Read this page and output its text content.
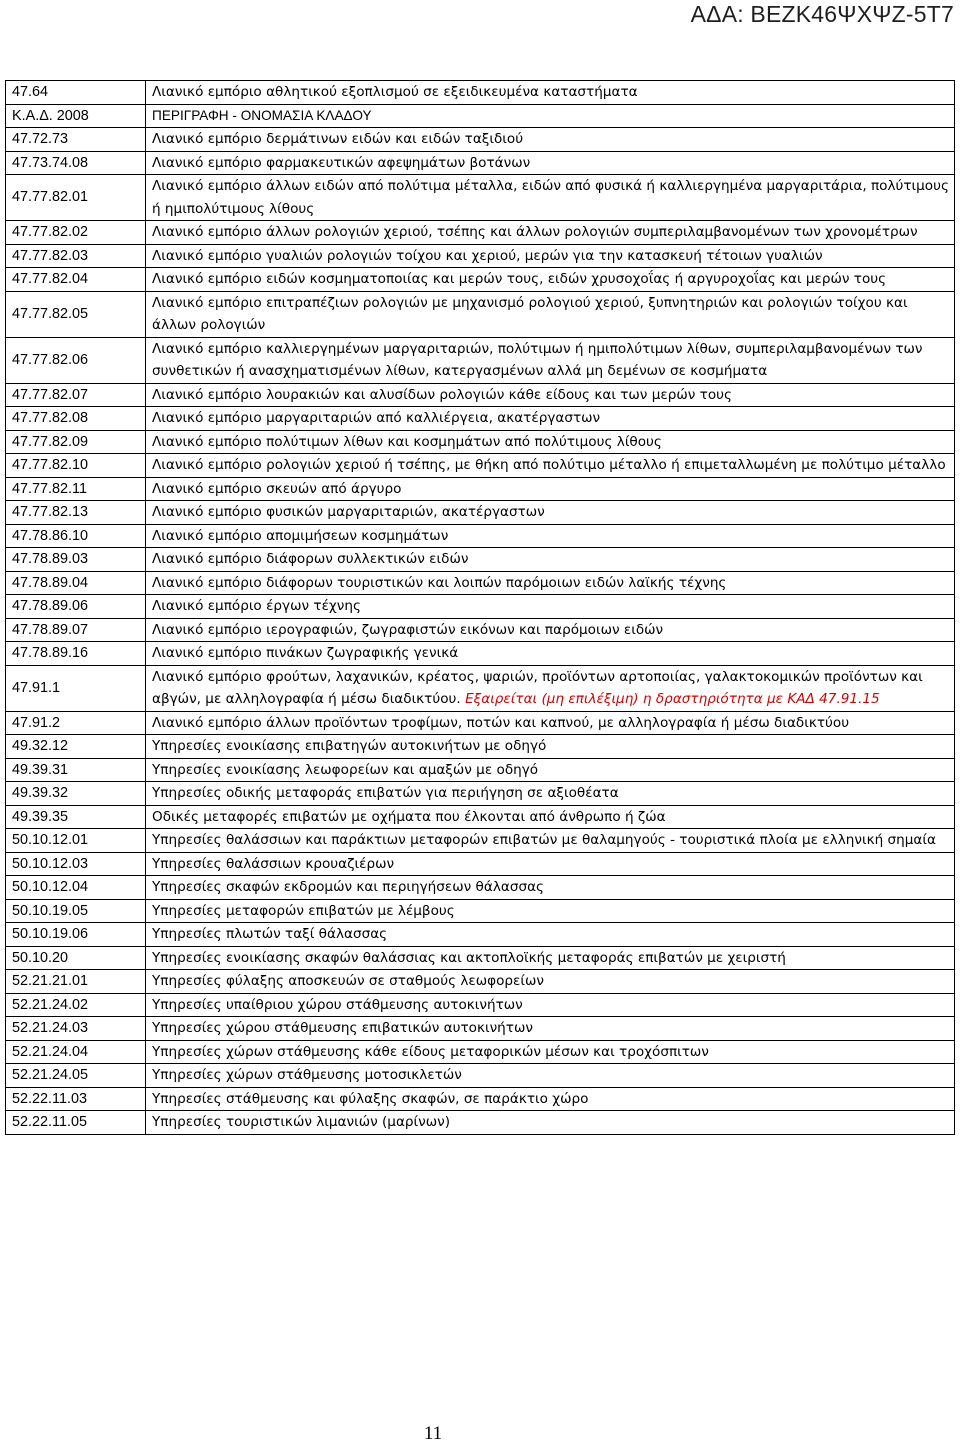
ΑΔΑ: ΒΕΖΚ46ΨΧΨΖ-5Τ7
47.64	Λιανικό εμπόριο αθλητικού εξοπλισμού σε εξειδικευμένα καταστήματα
Κ.Α.Δ. 2008	ΠΕΡΙΓΡΑΦΗ - ΟΝΟΜΑΣΙΑ ΚΛΑΔΟΥ
47.72.73	Λιανικό εμπόριο δερμάτινων ειδών και ειδών ταξιδιού
47.73.74.08	Λιανικό εμπόριο φαρμακευτικών αφεψημάτων βοτάνων
47.77.82.01	Λιανικό εμπόριο άλλων ειδών από πολύτιμα μέταλλα, ειδών από φυσικά ή καλλιεργημένα μαργαριτάρια, πολύτιμους ή ημιπολύτιμους λίθους
47.77.82.02	Λιανικό εμπόριο άλλων ρολογιών χεριού, τσέπης και άλλων ρολογιών συμπεριλαμβανομένων των χρονομέτρων
47.77.82.03	Λιανικό εμπόριο γυαλιών ρολογιών τοίχου και χεριού, μερών για την κατασκευή τέτοιων γυαλιών
47.77.82.04	Λιανικό εμπόριο ειδών κοσμηματοποιίας και μερών τους, ειδών χρυσοχοΐας ή αργυροχοΐας και μερών τους
47.77.82.05	Λιανικό εμπόριο επιτραπέζιων ρολογιών με μηχανισμό ρολογιού χεριού, ξυπνητηριών και ρολογιών τοίχου και άλλων ρολογιών
47.77.82.06	Λιανικό εμπόριο καλλιεργημένων μαργαριταριών, πολύτιμων ή ημιπολύτιμων λίθων, συμπεριλαμβανομένων των συνθετικών ή ανασχηματισμένων λίθων, κατεργασμένων αλλά μη δεμένων σε κοσμήματα
47.77.82.07	Λιανικό εμπόριο λουρακιών και αλυσίδων ρολογιών κάθε είδους και των μερών τους
47.77.82.08	Λιανικό εμπόριο μαργαριταριών από καλλιέργεια, ακατέργαστων
47.77.82.09	Λιανικό εμπόριο πολύτιμων λίθων και κοσμημάτων από πολύτιμους λίθους
47.77.82.10	Λιανικό εμπόριο ρολογιών χεριού ή τσέπης, με θήκη από πολύτιμο μέταλλο ή επιμεταλλωμένη με πολύτιμο μέταλλο
47.77.82.11	Λιανικό εμπόριο σκευών από άργυρο
47.77.82.13	Λιανικό εμπόριο φυσικών μαργαριταριών, ακατέργαστων
47.78.86.10	Λιανικό εμπόριο απομιμήσεων κοσμημάτων
47.78.89.03	Λιανικό εμπόριο διάφορων συλλεκτικών ειδών
47.78.89.04	Λιανικό εμπόριο διάφορων τουριστικών και λοιπών παρόμοιων ειδών λαϊκής τέχνης
47.78.89.06	Λιανικό εμπόριο έργων τέχνης
47.78.89.07	Λιανικό εμπόριο ιερογραφιών, ζωγραφιστών εικόνων και παρόμοιων ειδών
47.78.89.16	Λιανικό εμπόριο πινάκων ζωγραφικής γενικά
47.91.1	Λιανικό εμπόριο φρούτων, λαχανικών, κρέατος, ψαριών, προϊόντων αρτοποιίας, γαλακτοκομικών προϊόντων και αβγών, με αλληλογραφία ή μέσω διαδικτύου. Εξαιρείται (μη επιλέξιμη) η δραστηριότητα με ΚΑΔ 47.91.15
47.91.2	Λιανικό εμπόριο άλλων προϊόντων τροφίμων, ποτών και καπνού, με αλληλογραφία ή μέσω διαδικτύου
49.32.12	Υπηρεσίες ενοικίασης επιβατηγών αυτοκινήτων με οδηγό
49.39.31	Υπηρεσίες ενοικίασης λεωφορείων και αμαξών με οδηγό
49.39.32	Υπηρεσίες οδικής μεταφοράς επιβατών για περιήγηση σε αξιοθέατα
49.39.35	Οδικές μεταφορές επιβατών με οχήματα που έλκονται από άνθρωπο ή ζώα
50.10.12.01	Υπηρεσίες θαλάσσιων και παράκτιων μεταφορών επιβατών με θαλαμηγούς - τουριστικά πλοία με ελληνική σημαία
50.10.12.03	Υπηρεσίες θαλάσσιων κρουαζιέρων
50.10.12.04	Υπηρεσίες σκαφών εκδρομών και περιηγήσεων θάλασσας
50.10.19.05	Υπηρεσίες μεταφορών επιβατών με λέμβους
50.10.19.06	Υπηρεσίες πλωτών ταξί θάλασσας
50.10.20	Υπηρεσίες ενοικίασης σκαφών θαλάσσιας και ακτοπλοϊκής μεταφοράς επιβατών με χειριστή
52.21.21.01	Υπηρεσίες φύλαξης αποσκευών σε σταθμούς λεωφορείων
52.21.24.02	Υπηρεσίες υπαίθριου χώρου στάθμευσης αυτοκινήτων
52.21.24.03	Υπηρεσίες χώρου στάθμευσης επιβατικών αυτοκινήτων
52.21.24.04	Υπηρεσίες χώρων στάθμευσης κάθε είδους μεταφορικών μέσων και τροχόσπιτων
52.21.24.05	Υπηρεσίες χώρων στάθμευσης μοτοσικλετών
52.22.11.03	Υπηρεσίες στάθμευσης και φύλαξης σκαφών, σε παράκτιο χώρο
52.22.11.05	Υπηρεσίες τουριστικών λιμανιών (μαρίνων)
11
